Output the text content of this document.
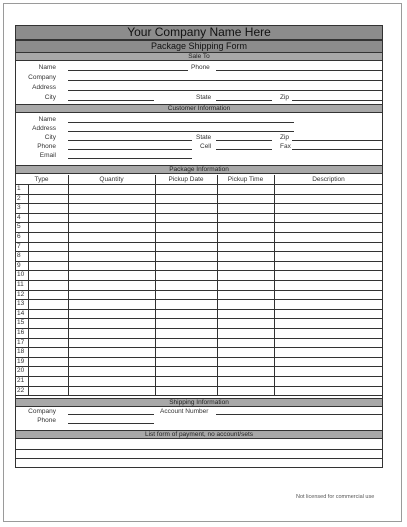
Your Company Name Here
Package Shipping Form
Sale To
Name	Phone
Company
Address
City	State	Zip
Customer Information
Name
Address
City	State	Zip
Phone	Cell	Fax
Email
Package Information
Type	Quantity	Pickup Date	Pickup Time	Description
1
2
3
4
5
6
7
8
9
10
11
12
13
14
15
16
17
18
19
20
21
22
Shipping Information
Company	Account Number
Phone
List form of payment, no account/sets
Not licensed for commercial use
